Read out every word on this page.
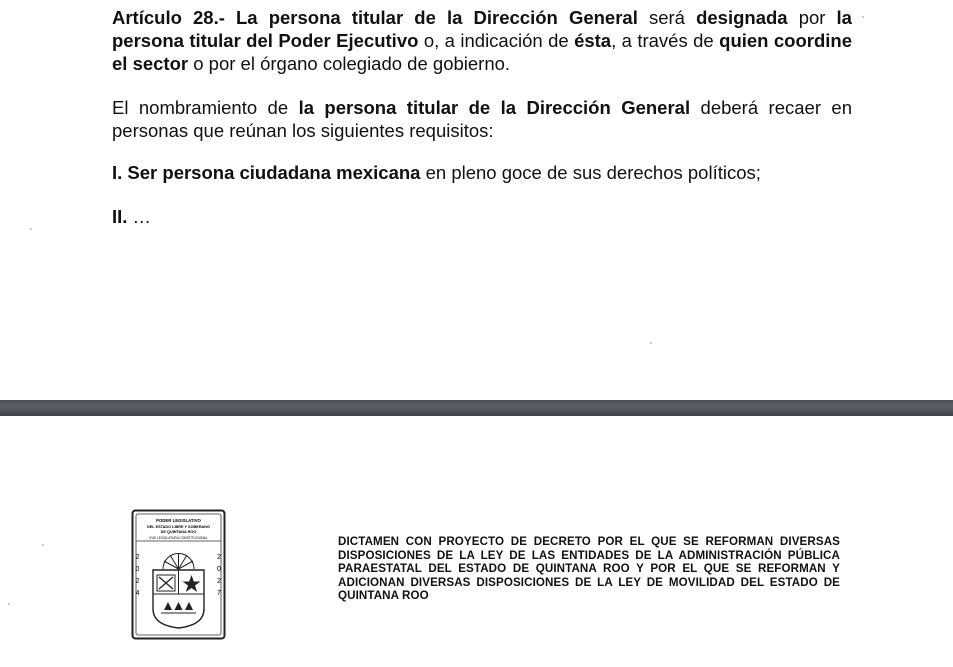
Artículo 28.- La persona titular de la Dirección General será designada por la persona titular del Poder Ejecutivo o, a indicación de ésta, a través de quien coordine el sector o por el órgano colegiado de gobierno.

El nombramiento de la persona titular de la Dirección General deberá recaer en personas que reúnan los siguientes requisitos:

I. Ser persona ciudadana mexicana en pleno goce de sus derechos políticos;

II. …

PODER LEGISLATIVO
DEL ESTADO LIBRE Y SOBERANO
DE QUINTANA ROO
XVIII LEGISLATURA CONSTITUCIONAL
2
0
2
4
2
0
2
7

DICTAMEN CON PROYECTO DE DECRETO POR EL QUE SE REFORMAN DIVERSAS DISPOSICIONES DE LA LEY DE LAS ENTIDADES DE LA ADMINISTRACIÓN PÚBLICA PARAESTATAL DEL ESTADO DE QUINTANA ROO Y POR EL QUE SE REFORMAN Y ADICIONAN DIVERSAS DISPOSICIONES DE LA LEY DE MOVILIDAD DEL ESTADO DE QUINTANA ROO
